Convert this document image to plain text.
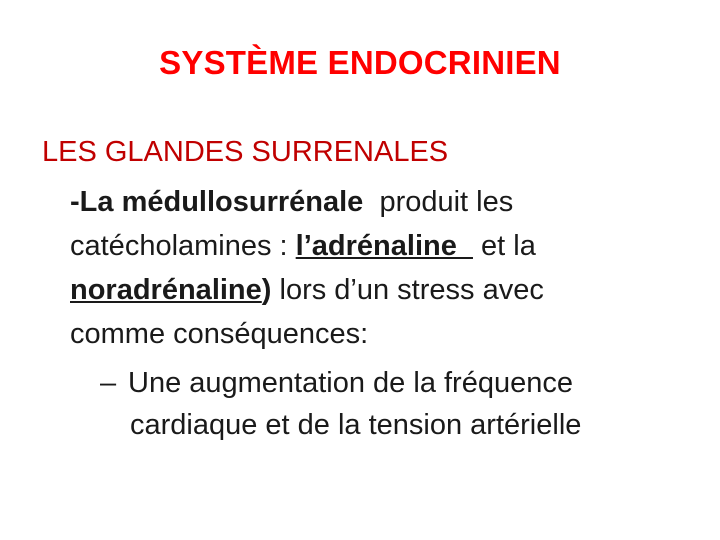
SYSTÈME ENDOCRINIEN
LES GLANDES SURRENALES
-La médullosurrénale  produit les
catécholamines : l’adrénaline   et la
noradrénaline) lors d’un stress avec
comme conséquences:
– Une augmentation de la fréquence
cardiaque et de la tension artérielle
